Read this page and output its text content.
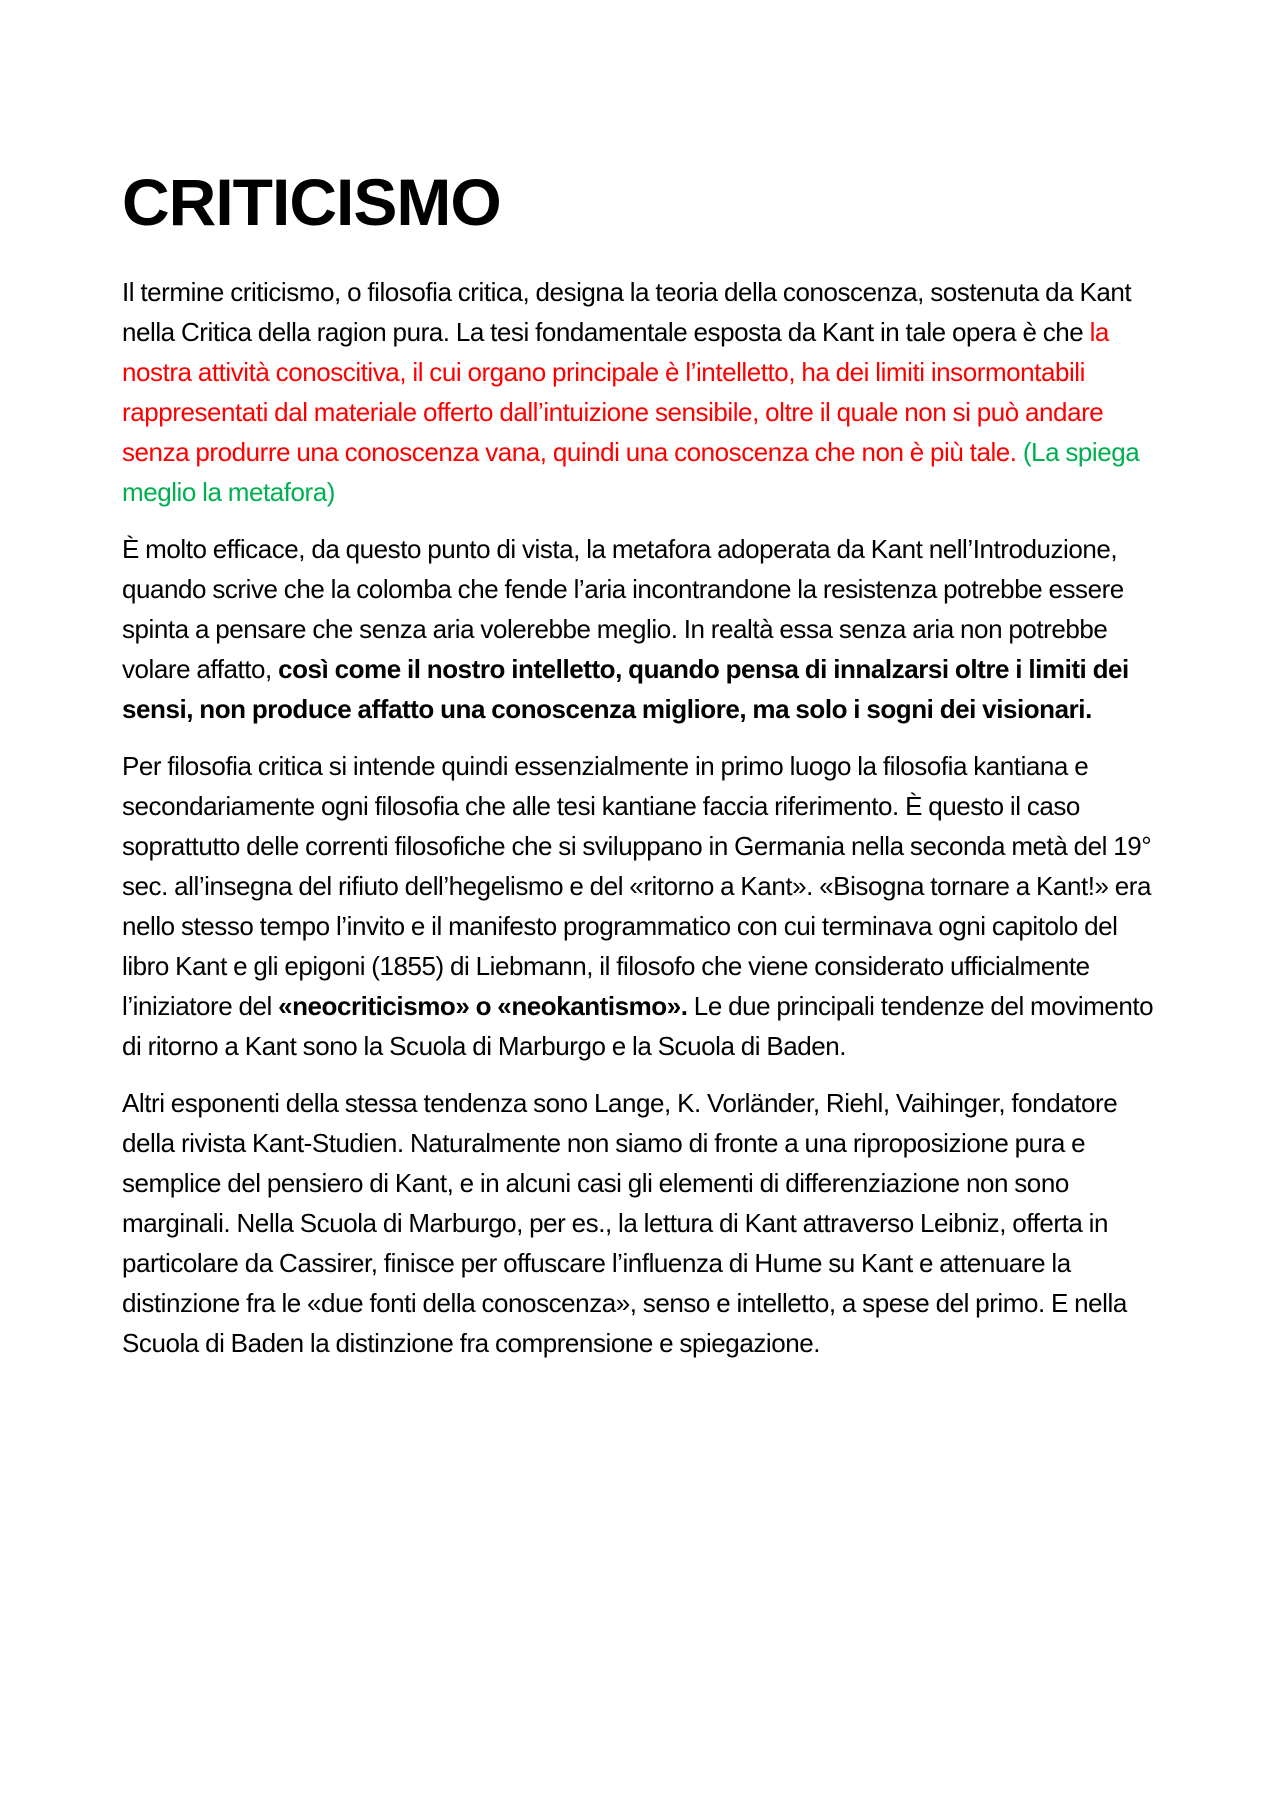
CRITICISMO

Il termine criticismo, o filosofia critica, designa la teoria della conoscenza, sostenuta da Kant nella Critica della ragion pura. La tesi fondamentale esposta da Kant in tale opera è che la nostra attività conoscitiva, il cui organo principale è l’intelletto, ha dei limiti insormontabili rappresentati dal materiale offerto dall’intuizione sensibile, oltre il quale non si può andare senza produrre una conoscenza vana, quindi una conoscenza che non è più tale. (La spiega meglio la metafora)

È molto efficace, da questo punto di vista, la metafora adoperata da Kant nell’Introduzione, quando scrive che la colomba che fende l’aria incontrandone la resistenza potrebbe essere spinta a pensare che senza aria volerebbe meglio. In realtà essa senza aria non potrebbe volare affatto, così come il nostro intelletto, quando pensa di innalzarsi oltre i limiti dei sensi, non produce affatto una conoscenza migliore, ma solo i sogni dei visionari.

Per filosofia critica si intende quindi essenzialmente in primo luogo la filosofia kantiana e secondariamente ogni filosofia che alle tesi kantiane faccia riferimento. È questo il caso soprattutto delle correnti filosofiche che si sviluppano in Germania nella seconda metà del 19° sec. all’insegna del rifiuto dell’hegelismo e del «ritorno a Kant». «Bisogna tornare a Kant!» era nello stesso tempo l’invito e il manifesto programmatico con cui terminava ogni capitolo del libro Kant e gli epigoni (1855) di Liebmann, il filosofo che viene considerato ufficialmente l’iniziatore del «neocriticismo» o «neokantismo». Le due principali tendenze del movimento di ritorno a Kant sono la Scuola di Marburgo e la Scuola di Baden.

Altri esponenti della stessa tendenza sono Lange, K. Vorländer, Riehl, Vaihinger, fondatore della rivista Kant-Studien. Naturalmente non siamo di fronte a una riproposizione pura e semplice del pensiero di Kant, e in alcuni casi gli elementi di differenziazione non sono marginali. Nella Scuola di Marburgo, per es., la lettura di Kant attraverso Leibniz, offerta in particolare da Cassirer, finisce per offuscare l’influenza di Hume su Kant e attenuare la distinzione fra le «due fonti della conoscenza», senso e intelletto, a spese del primo. E nella Scuola di Baden la distinzione fra comprensione e spiegazione.
